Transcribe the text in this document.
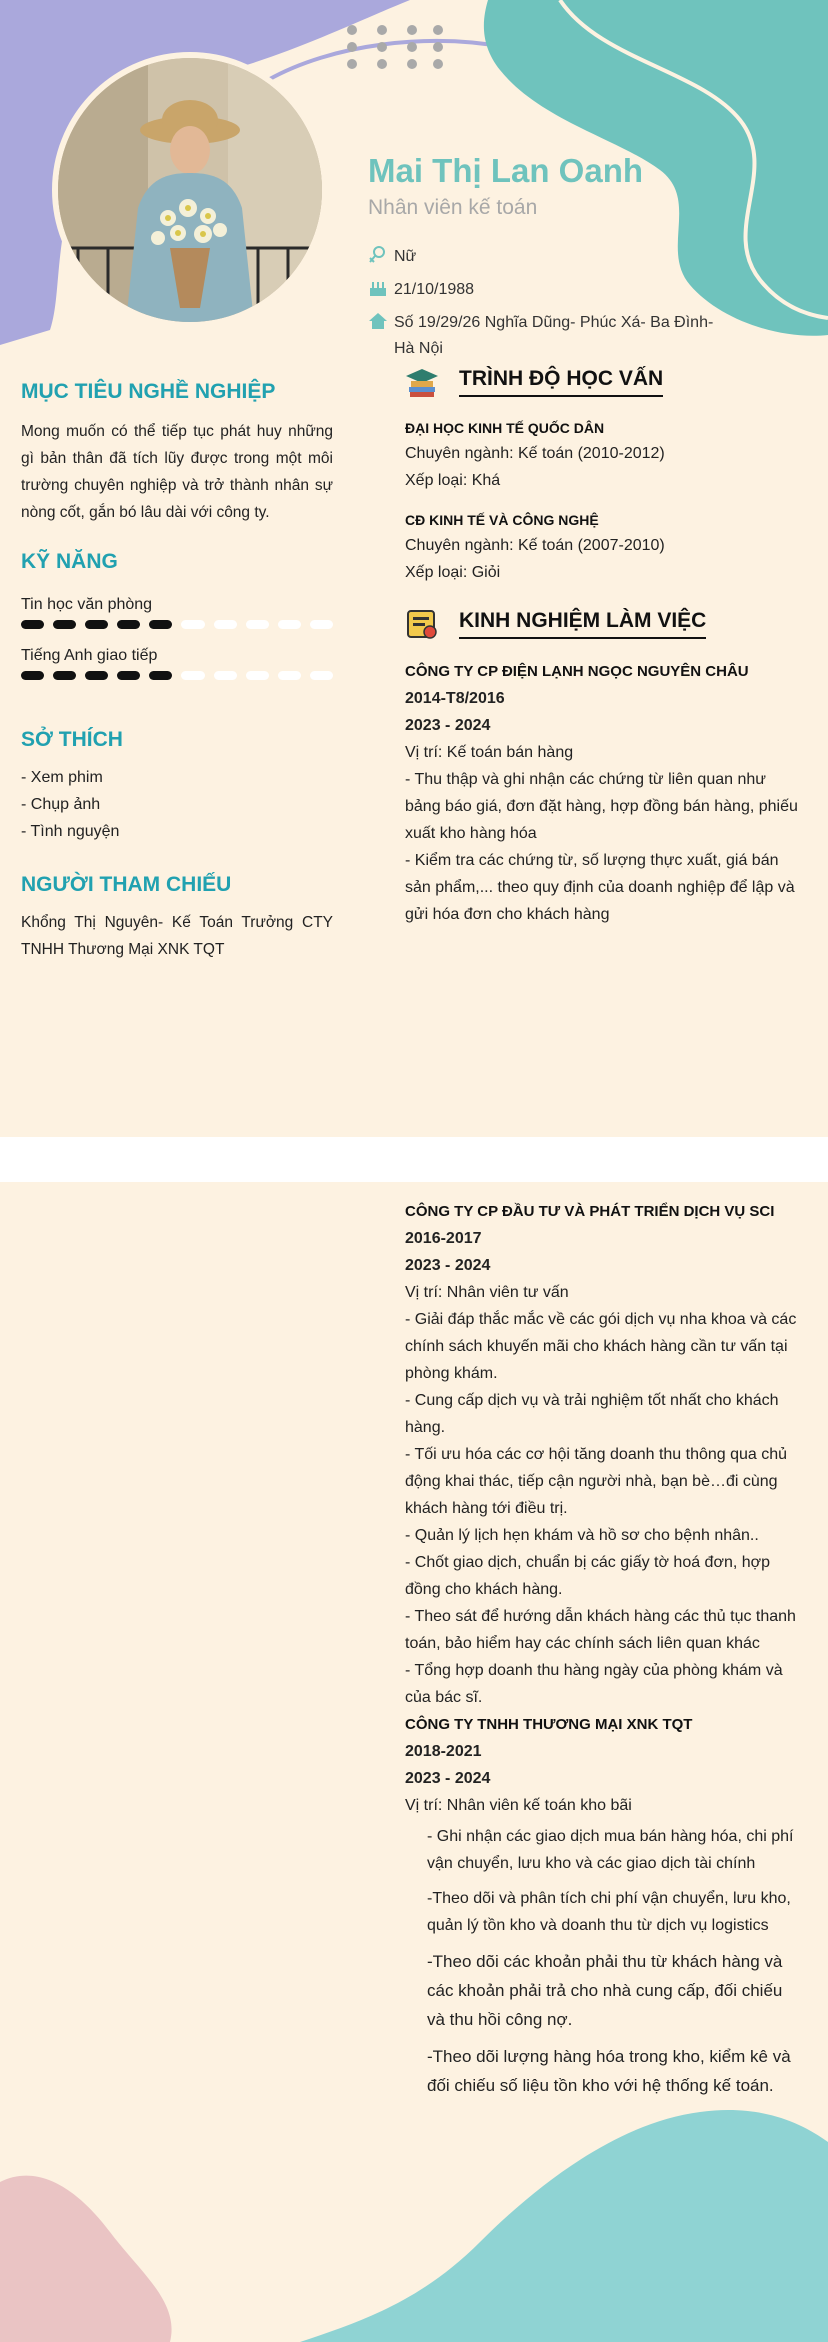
Mai Thị Lan Oanh
Nhân viên kế toán
Nữ
21/10/1988
Số 19/29/26 Nghĩa Dũng- Phúc Xá- Ba Đình- Hà Nội
MỤC TIÊU NGHỀ NGHIỆP
Mong muốn có thể tiếp tục phát huy những gì bản thân đã tích lũy được trong một môi trường chuyên nghiệp và trở thành nhân sự nòng cốt, gắn bó lâu dài với công ty.
KỸ NĂNG
Tin học văn phòng
Tiếng Anh giao tiếp
SỞ THÍCH
- Xem phim
- Chụp ảnh
- Tình nguyện
NGƯỜI THAM CHIẾU
Khổng Thị Nguyên- Kế Toán Trưởng CTY TNHH Thương Mại XNK TQT
TRÌNH ĐỘ HỌC VẤN
ĐẠI HỌC KINH TẾ QUỐC DÂN
Chuyên ngành: Kế toán (2010-2012)
Xếp loại: Khá
CĐ KINH TẾ VÀ CÔNG NGHỆ
Chuyên ngành: Kế toán (2007-2010)
Xếp loại: Giỏi
KINH NGHIỆM LÀM VIỆC
CÔNG TY CP ĐIỆN LẠNH NGỌC NGUYÊN CHÂU
2014-T8/2016
2023 - 2024
Vị trí: Kế toán bán hàng
- Thu thập và ghi nhận các chứng từ liên quan như bảng báo giá, đơn đặt hàng, hợp đồng bán hàng, phiếu xuất kho hàng hóa
- Kiểm tra các chứng từ, số lượng thực xuất, giá bán sản phẩm,... theo quy định của doanh nghiệp để lập và gửi hóa đơn cho khách hàng
CÔNG TY CP ĐẦU TƯ VÀ PHÁT TRIỂN DỊCH VỤ SCI
2016-2017
2023 - 2024
Vị trí: Nhân viên tư vấn
- Giải đáp thắc mắc về các gói dịch vụ nha khoa và các chính sách khuyến mãi cho khách hàng cần tư vấn tại phòng khám.
- Cung cấp dịch vụ và trải nghiệm tốt nhất cho khách hàng.
- Tối ưu hóa các cơ hội tăng doanh thu thông qua chủ động khai thác, tiếp cận người nhà, bạn bè…đi cùng khách hàng tới điều trị.
- Quản lý lịch hẹn khám và hồ sơ cho bệnh nhân..
- Chốt giao dịch, chuẩn bị các giấy tờ hoá đơn, hợp đồng cho khách hàng.
- Theo sát để hướng dẫn khách hàng các thủ tục thanh toán, bảo hiểm hay các chính sách liên quan khác
- Tổng hợp doanh thu hàng ngày của phòng khám và của bác sĩ.
CÔNG TY TNHH THƯƠNG MẠI XNK TQT
2018-2021
2023 - 2024
Vị trí: Nhân viên kế toán kho bãi
- Ghi nhận các giao dịch mua bán hàng hóa, chi phí vận chuyển, lưu kho và các giao dịch tài chính
-Theo dõi và phân tích chi phí vận chuyển, lưu kho, quản lý tồn kho và doanh thu từ dịch vụ logistics
-Theo dõi các khoản phải thu từ khách hàng và các khoản phải trả cho nhà cung cấp, đối chiếu và thu hồi công nợ.
-Theo dõi lượng hàng hóa trong kho, kiểm kê và đối chiếu số liệu tồn kho với hệ thống kế toán.
